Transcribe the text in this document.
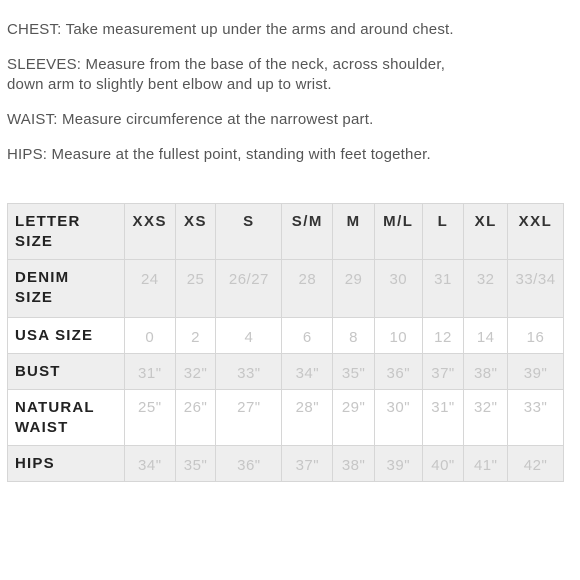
CHEST: Take measurement up under the arms and around chest.

SLEEVES: Measure from the base of the neck, across shoulder,
down arm to slightly bent elbow and up to wrist.

WAIST: Measure circumference at the narrowest part.

HIPS: Measure at the fullest point, standing with feet together.

LETTER
SIZE	XXS	XS	S	S/M	M	M/L	L	XL	XXL
DENIM
SIZE	24	25	26/27	28	29	30	31	32	33/34
USA SIZE	0	2	4	6	8	10	12	14	16
BUST	31"	32"	33"	34"	35"	36"	37"	38"	39"
NATURAL
WAIST	25"	26"	27"	28"	29"	30"	31"	32"	33"
HIPS	34"	35"	36"	37"	38"	39"	40"	41"	42"
